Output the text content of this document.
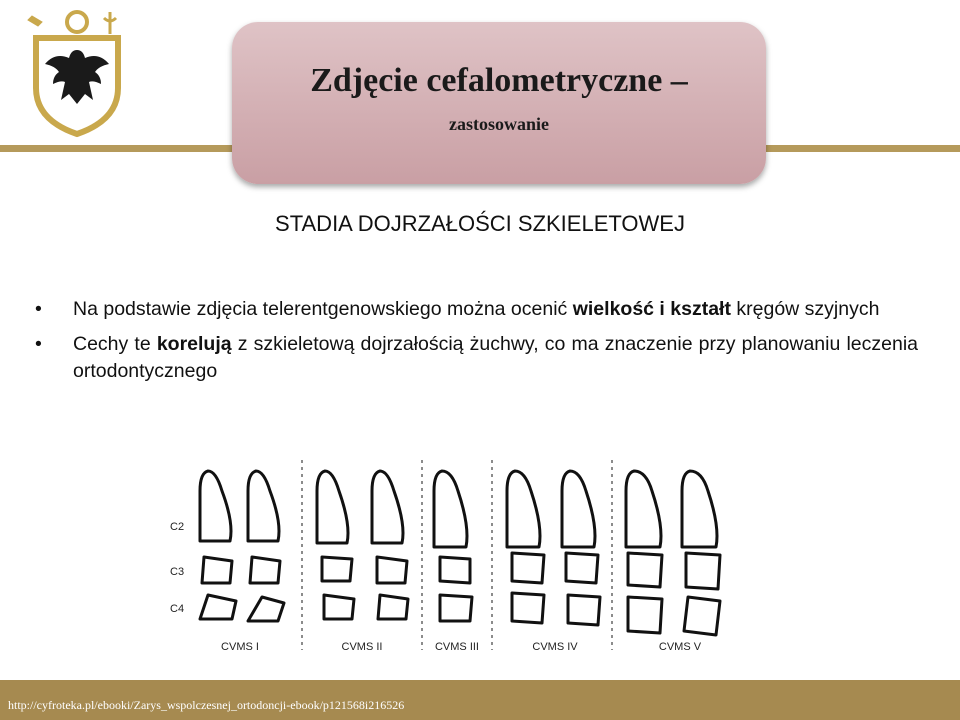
Zdjęcie cefalometryczne –
zastosowanie
STADIA DOJRZAŁOŚCI SZKIELETOWEJ
• Na podstawie zdjęcia telerentgenowskiego można ocenić wielkość i kształt kręgów szyjnych
• Cechy te korelują z szkieletową dojrzałością żuchwy, co ma znaczenie przy planowaniu leczenia ortodontycznego
C2
C3
C4
CVMS I	CVMS II	CVMS III	CVMS IV	CVMS V
http://cyfroteka.pl/ebooki/Zarys_wspolczesnej_ortodoncji-ebook/p121568i216526
